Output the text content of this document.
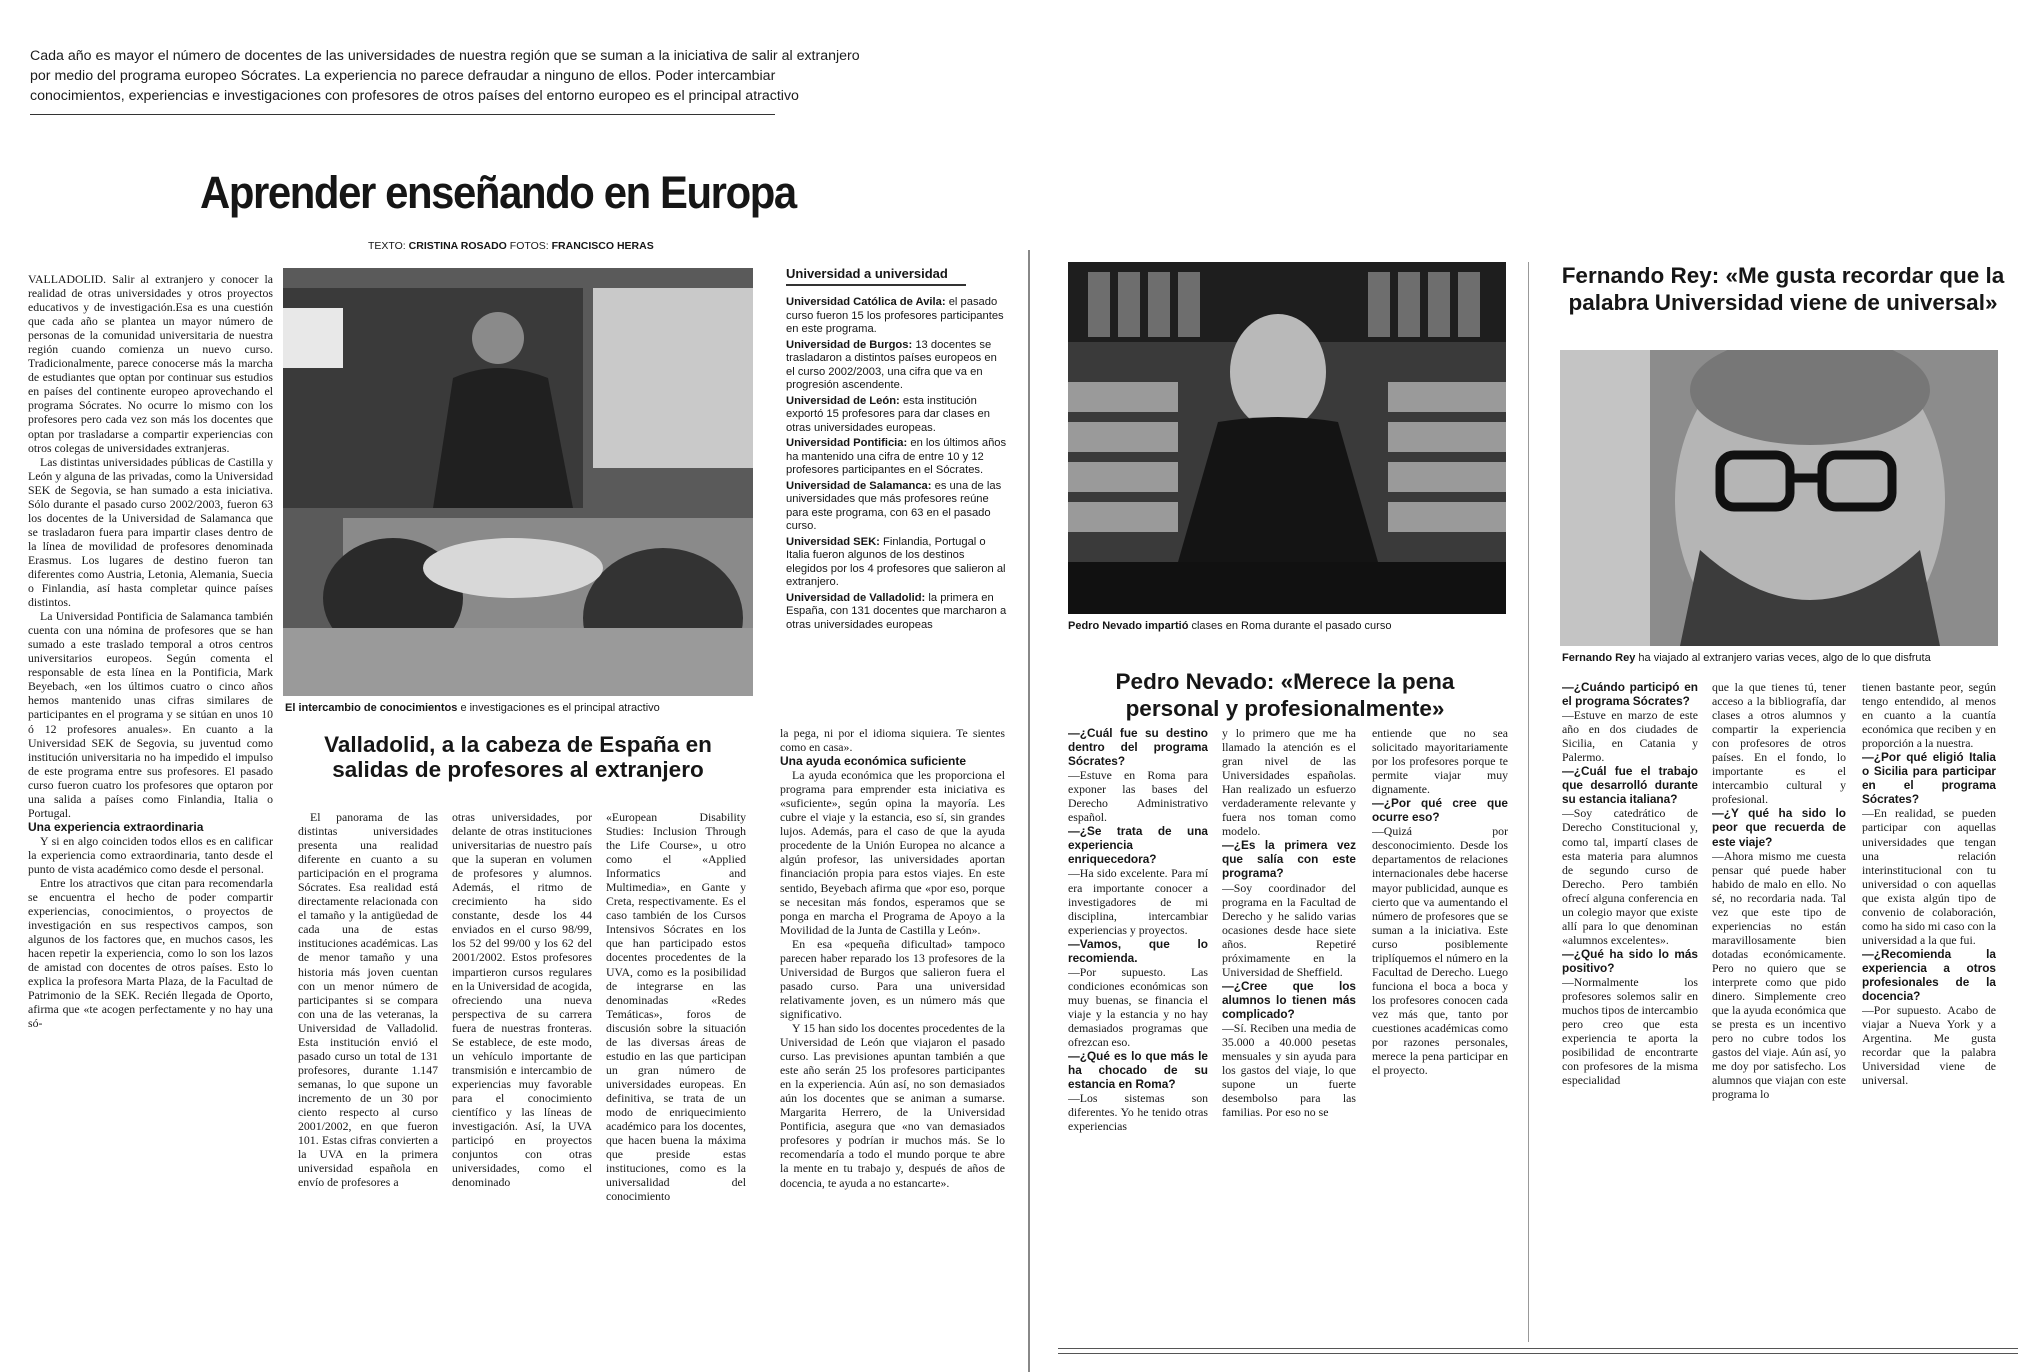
Cada año es mayor el número de docentes de las universidades de nuestra región que se suman a la iniciativa de salir al extranjero
por medio del programa europeo Sócrates. La experiencia no parece defraudar a ninguno de ellos. Poder intercambiar
conocimientos, experiencias e investigaciones con profesores de otros países del entorno europeo es el principal atractivo
Aprender enseñando en Europa
TEXTO: CRISTINA ROSADO FOTOS: FRANCISCO HERAS

VALLADOLID. Salir al extranjero y conocer la realidad de otras universidades y otros proyectos educativos y de investigación.Esa es una cuestión que cada año se plantea un mayor número de personas de la comunidad universitaria de nuestra región cuando comienza un nuevo curso. Tradicionalmente, parece conocerse más la marcha de estudiantes que optan por continuar sus estudios en países del continente europeo aprovechando el programa Sócrates. No ocurre lo mismo con los profesores pero cada vez son más los docentes que optan por trasladarse a compartir experiencias con otros colegas de universidades extranjeras.

Las distintas universidades públicas de Castilla y León y alguna de las privadas, como la Universidad SEK de Segovia, se han sumado a esta iniciativa. Sólo durante el pasado curso 2002/2003, fueron 63 los docentes de la Universidad de Salamanca que se trasladaron fuera para impartir clases dentro de la línea de movilidad de profesores denominada Erasmus. Los lugares de destino fueron tan diferentes como Austria, Letonia, Alemania, Suecia o Finlandia, así hasta completar quince países distintos.

La Universidad Pontificia de Salamanca también cuenta con una nómina de profesores que se han sumado a este traslado temporal a otros centros universitarios europeos. Según comenta el responsable de esta línea en la Pontificia, Mark Beyebach, «en los últimos cuatro o cinco años hemos mantenido unas cifras similares de participantes en el programa y se sitúan en unos 10 ó 12 profesores anuales». En cuanto a la Universidad SEK de Segovia, su juventud como institución universitaria no ha impedido el impulso de este programa entre sus profesores. El pasado curso fueron cuatro los profesores que optaron por una salida a países como Finlandia, Italia o Portugal.

Una experiencia extraordinaria

Y si en algo coinciden todos ellos es en calificar la experiencia como extraordinaria, tanto desde el punto de vista académico como desde el personal.

Entre los atractivos que citan para recomendarla se encuentra el hecho de poder compartir experiencias, conocimientos, o proyectos de investigación en sus respectivos campos, son algunos de los factores que, en muchos casos, les hacen repetir la experiencia, como lo son los lazos de amistad con docentes de otros países. Esto lo explica la profesora Marta Plaza, de la Facultad de Patrimonio de la SEK. Recién llegada de Oporto, afirma que «te acogen perfectamente y no hay una só-

El intercambio de conocimientos e investigaciones es el principal atractivo
Universidad a universidad

Universidad Católica de Avila: el pasado curso fueron 15 los profesores participantes en este programa.

Universidad de Burgos: 13 docentes se trasladaron a distintos países europeos en el curso 2002/2003, una cifra que va en progresión ascendente.

Universidad de León: esta institución exportó 15 profesores para dar clases en otras universidades europeas.

Universidad Pontificia: en los últimos años ha mantenido una cifra de entre 10 y 12 profesores participantes en el Sócrates.

Universidad de Salamanca: es una de las universidades que más profesores reúne para este programa, con 63 en el pasado curso.

Universidad SEK: Finlandia, Portugal o Italia fueron algunos de los destinos elegidos por los 4 profesores que salieron al extranjero.

Universidad de Valladolid: la primera en España, con 131 docentes que marcharon a otras universidades europeas

Valladolid, a la cabeza de España en salidas de profesores al extranjero

El panorama de las distintas universidades presenta una realidad diferente en cuanto a su participación en el programa Sócrates. Esa realidad está directamente relacionada con el tamaño y la antigüedad de cada una de estas instituciones académicas. Las de menor tamaño y una historia más joven cuentan con un menor número de participantes si se compara con una de las veteranas, la Universidad de Valladolid. Esta institución envió el pasado curso un total de 131 profesores, durante 1.147 semanas, lo que supone un incremento de un 30 por ciento respecto al curso 2001/2002, en que fueron 101. Estas cifras convierten a la UVA en la primera universidad española en envío de profesores a

otras universidades, por delante de otras instituciones universitarias de nuestro país que la superan en volumen de profesores y alumnos. Además, el ritmo de crecimiento ha sido constante, desde los 44 enviados en el curso 98/99, los 52 del 99/00 y los 62 del 2001/2002. Estos profesores impartieron cursos regulares en la Universidad de acogida, ofreciendo una nueva perspectiva de su carrera fuera de nuestras fronteras. Se establece, de este modo, un vehículo importante de transmisión e intercambio de experiencias muy favorable para el conocimiento científico y las líneas de investigación. Así, la UVA participó en proyectos conjuntos con otras universidades, como el denominado

«European Disability Studies: Inclusion Through the Life Course», u otro como el «Applied Informatics and Multimedia», en Gante y Creta, respectivamente. Es el caso también de los Cursos Intensivos Sócrates en los que han participado estos docentes procedentes de la UVA, como es la posibilidad de integrarse en las denominadas «Redes Temáticas», foros de discusión sobre la situación de las diversas áreas de estudio en las que participan un gran número de universidades europeas. En definitiva, se trata de un modo de enriquecimiento académico para los docentes, que hacen buena la máxima que preside estas instituciones, como es la universalidad del conocimiento

la pega, ni por el idioma siquiera. Te sientes como en casa».

Una ayuda económica suficiente

La ayuda económica que les proporciona el programa para emprender esta iniciativa es «suficiente», según opina la mayoría. Les cubre el viaje y la estancia, eso sí, sin grandes lujos. Además, para el caso de que la ayuda procedente de la Unión Europea no alcance a algún profesor, las universidades aportan financiación propia para estos viajes. En este sentido, Beyebach afirma que «por eso, porque se necesitan más fondos, esperamos que se ponga en marcha el Programa de Apoyo a la Movilidad de la Junta de Castilla y León».

En esa «pequeña dificultad» tampoco parecen haber reparado los 13 profesores de la Universidad de Burgos que salieron fuera el pasado curso. Para una universidad relativamente joven, es un número más que significativo.

Y 15 han sido los docentes procedentes de la Universidad de León que viajaron el pasado curso. Las previsiones apuntan también a que este año serán 25 los profesores participantes en la experiencia. Aún así, no son demasiados aún los docentes que se animan a sumarse. Margarita Herrero, de la Universidad Pontificia, asegura que «no van demasiados profesores y podrían ir muchos más. Se lo recomendaría a todo el mundo porque te abre la mente en tu trabajo y, después de años de docencia, te ayuda a no estancarte».

Pedro Nevado impartió clases en Roma durante el pasado curso
Pedro Nevado: «Merece la pena personal y profesionalmente»

—¿Cuál fue su destino dentro del programa Sócrates?
—Estuve en Roma para exponer las bases del Derecho Administrativo español.

—¿Se trata de una experiencia enriquecedora?
—Ha sido excelente. Para mí era importante conocer a investigadores de mi disciplina, intercambiar experiencias y proyectos.

—Vamos, que lo recomienda.
—Por supuesto. Las condiciones económicas son muy buenas, se financia el viaje y la estancia y no hay demasiados programas que ofrezcan eso.

—¿Qué es lo que más le ha chocado de su estancia en Roma?
—Los sistemas son diferentes. Yo he tenido otras experiencias

y lo primero que me ha llamado la atención es el gran nivel de las Universidades españolas. Han realizado un esfuerzo verdaderamente relevante y fuera nos toman como modelo.

—¿Es la primera vez que salía con este programa?
—Soy coordinador del programa en la Facultad de Derecho y he salido varias ocasiones desde hace siete años. Repetiré próximamente en la Universidad de Sheffield.

—¿Cree que los alumnos lo tienen más complicado?
—Sí. Reciben una media de 35.000 a 40.000 pesetas mensuales y sin ayuda para los gastos del viaje, lo que supone un fuerte desembolso para las familias. Por eso no se

entiende que no sea solicitado mayoritariamente por los profesores porque te permite viajar muy dignamente.

—¿Por qué cree que ocurre eso?
—Quizá por desconocimiento. Desde los departamentos de relaciones internacionales debe hacerse mayor publicidad, aunque es cierto que va aumentando el número de profesores que se suman a la iniciativa. Este curso posiblemente triplíquemos el número en la Facultad de Derecho. Luego funciona el boca a boca y los profesores conocen cada vez más que, tanto por cuestiones académicas como por razones personales, merece la pena participar en el proyecto.

Fernando Rey: «Me gusta recordar que la palabra Universidad viene de universal»
Fernando Rey ha viajado al extranjero varias veces, algo de lo que disfruta

—¿Cuándo participó en el programa Sócrates?
—Estuve en marzo de este año en dos ciudades de Sicilia, en Catania y Palermo.

—¿Cuál fue el trabajo que desarrolló durante su estancia italiana?
—Soy catedrático de Derecho Constitucional y, como tal, impartí clases de esta materia para alumnos de segundo curso de Derecho. Pero también ofrecí alguna conferencia en un colegio mayor que existe allí para lo que denominan «alumnos excelentes».

—¿Qué ha sido lo más positivo?
—Normalmente los profesores solemos salir en muchos tipos de intercambio pero creo que esta experiencia te aporta la posibilidad de encontrarte con profesores de la misma especialidad

que la que tienes tú, tener acceso a la bibliografía, dar clases a otros alumnos y compartir la experiencia con profesores de otros países. En el fondo, lo importante es el intercambio cultural y profesional.

—¿Y qué ha sido lo peor que recuerda de este viaje?
—Ahora mismo me cuesta pensar qué puede haber habido de malo en ello. No sé, no recordaria nada. Tal vez que este tipo de experiencias no están maravillosamente bien dotadas económicamente. Pero no quiero que se interprete como que pido dinero. Simplemente creo que la ayuda económica que se presta es un incentivo pero no cubre todos los gastos del viaje. Aún así, yo me doy por satisfecho. Los alumnos que viajan con este programa lo

tienen bastante peor, según tengo entendido, al menos en cuanto a la cuantía económica que reciben y en proporción a la nuestra.

—¿Por qué eligió Italia o Sicilia para participar en el programa Sócrates?
—En realidad, se pueden participar con aquellas universidades que tengan una relación interinstitucional con tu universidad o con aquellas que exista algún tipo de convenio de colaboración, como ha sido mi caso con la universidad a la que fui.

—¿Recomienda la experiencia a otros profesionales de la docencia?
—Por supuesto. Acabo de viajar a Nueva York y a Argentina. Me gusta recordar que la palabra Universidad viene de universal.
